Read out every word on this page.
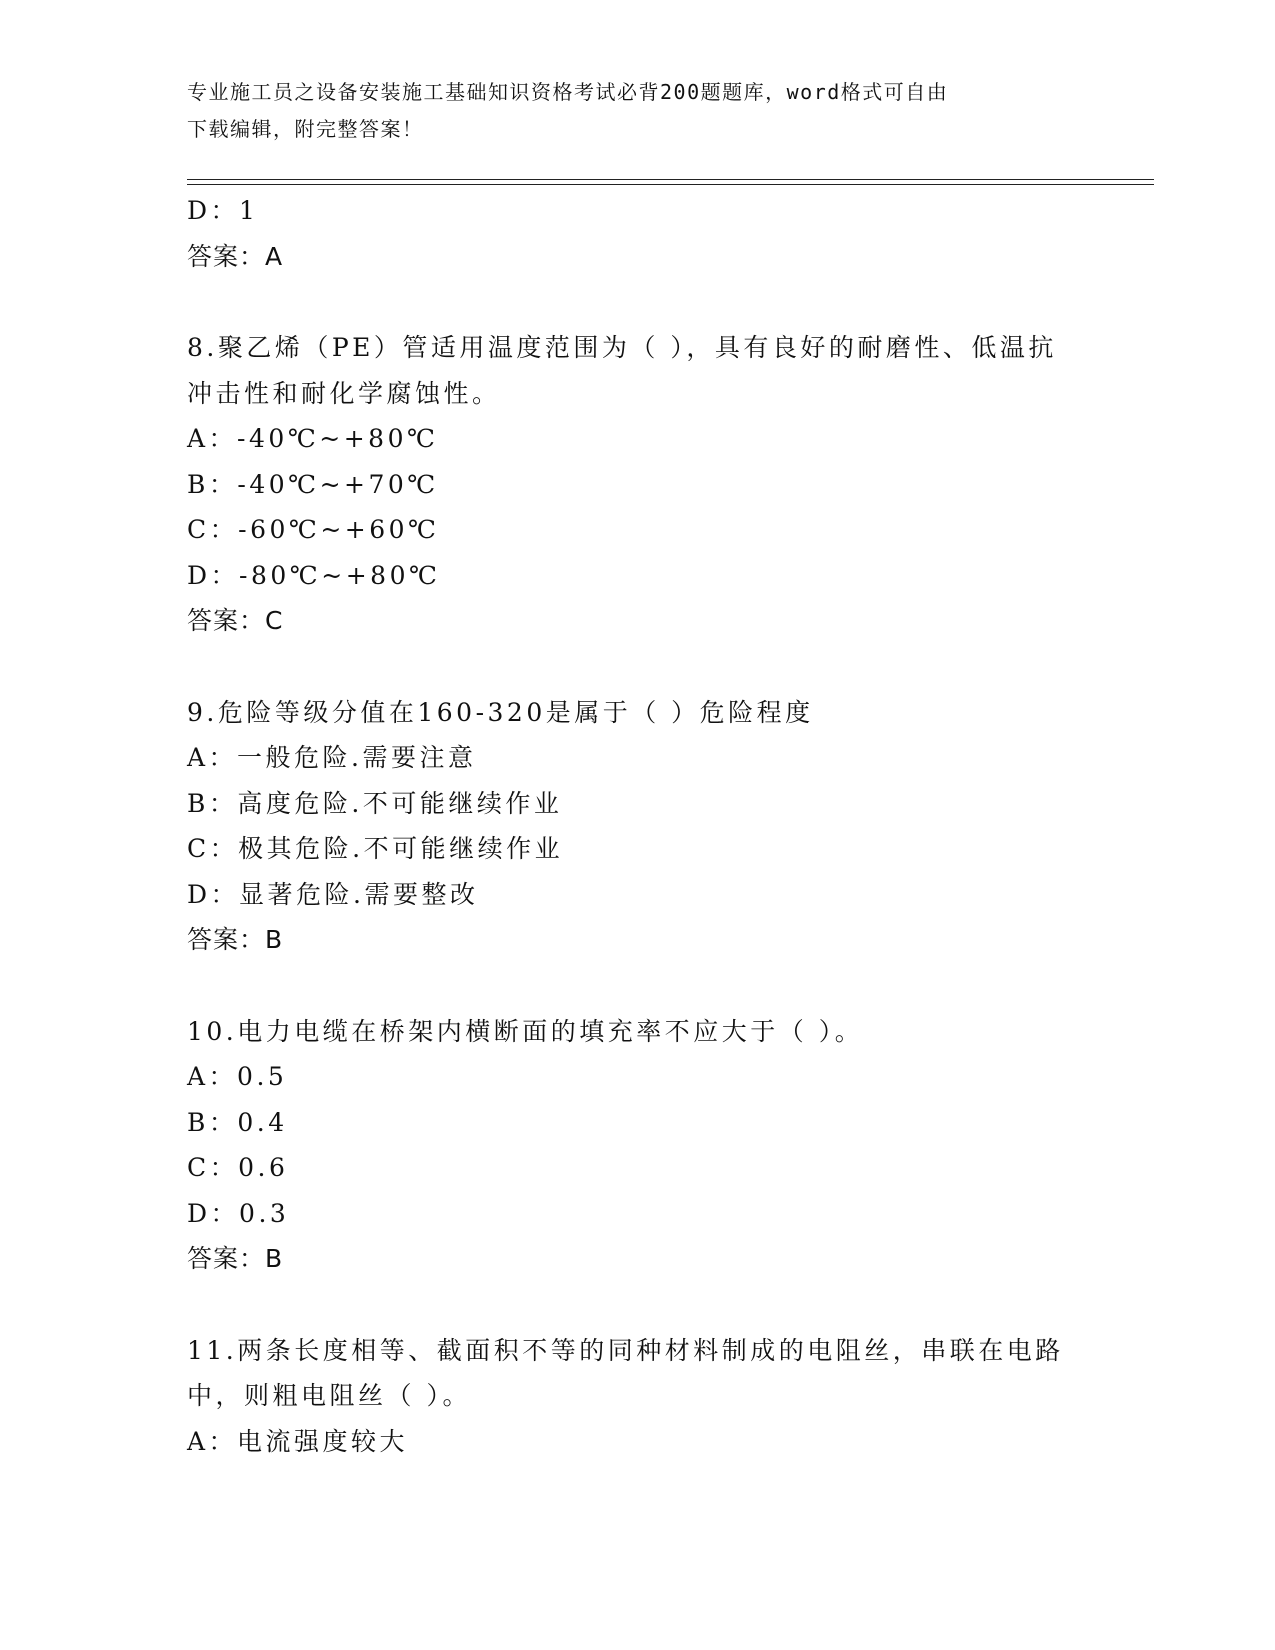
专业施工员之设备安装施工基础知识资格考试必背200题题库，word格式可自由
下载编辑，附完整答案！
D：1
答案：A
8.聚乙烯（PE）管适用温度范围为（ ），具有良好的耐磨性、低温抗
冲击性和耐化学腐蚀性。
A：-40℃~+80℃
B：-40℃~+70℃
C：-60℃~+60℃
D：-80℃~+80℃
答案：C
9.危险等级分值在160-320是属于（ ）危险程度
A：一般危险.需要注意
B：高度危险.不可能继续作业
C：极其危险.不可能继续作业
D：显著危险.需要整改
答案：B
10.电力电缆在桥架内横断面的填充率不应大于（ ）。
A：0.5
B：0.4
C：0.6
D：0.3
答案：B
11.两条长度相等、截面积不等的同种材料制成的电阻丝，串联在电路
中，则粗电阻丝（ ）。
A：电流强度较大
